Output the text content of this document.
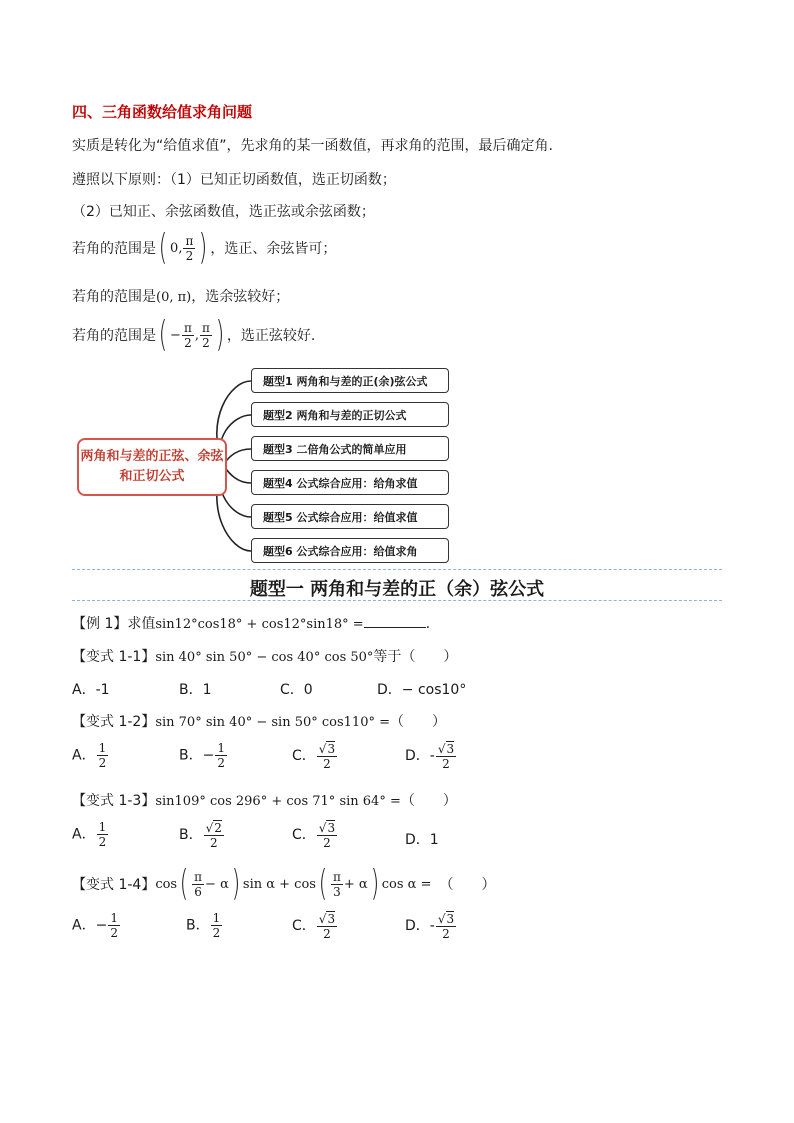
四、三角函数给值求角问题
实质是转化为“给值求值”，先求角的某一函数值，再求角的范围，最后确定角.
遵照以下原则：（1）已知正切函数值，选正切函数；
（2）已知正、余弦函数值，选正弦或余弦函数；
若角的范围是 ( 0, $\frac{\pi}{2}$ ) ，选正、余弦皆可；
若角的范围是(0, π)，选余弦较好；
若角的范围是 ( − $\frac{\pi}{2}$ , $\frac{\pi}{2}$ ) ，选正弦较好.
两角和与差的正弦、余弦和正切公式
题型1 两角和与差的正(余)弦公式
题型2 两角和与差的正切公式
题型3 二倍角公式的简单应用
题型4 公式综合应用：给角求值
题型5 公式综合应用：给值求值
题型6 公式综合应用：给值求角
题型一 两角和与差的正（余）弦公式
【例 1】求值sin12°cos18° + cos12°sin18° =	.
【变式 1-1】sin 40° sin 50° − cos 40° cos 50°等于（　　）
A．-1	B．1	C．0	D．− cos10°
【变式 1-2】sin 70° sin 40° − sin 50° cos110° =（　　）
A． $\frac{1}{2}$	B．− $\frac{1}{2}$	C． $\frac{√3}{2}$	D．- $\frac{√3}{2}$
【变式 1-3】sin109° cos 296° + cos 71° sin 64° =（　　）
A． $\frac{1}{2}$	B． $\frac{√2}{2}$	C． $\frac{√3}{2}$	D．1
【变式 1-4】 cos ( $\frac{\pi}{6} - \alpha$ ) sin α + cos ( $\frac{\pi}{3} + \alpha$ ) cos α = （　　）
A．− $\frac{1}{2}$	B． $\frac{1}{2}$	C． $\frac{√3}{2}$	D．- $\frac{√3}{2}$
